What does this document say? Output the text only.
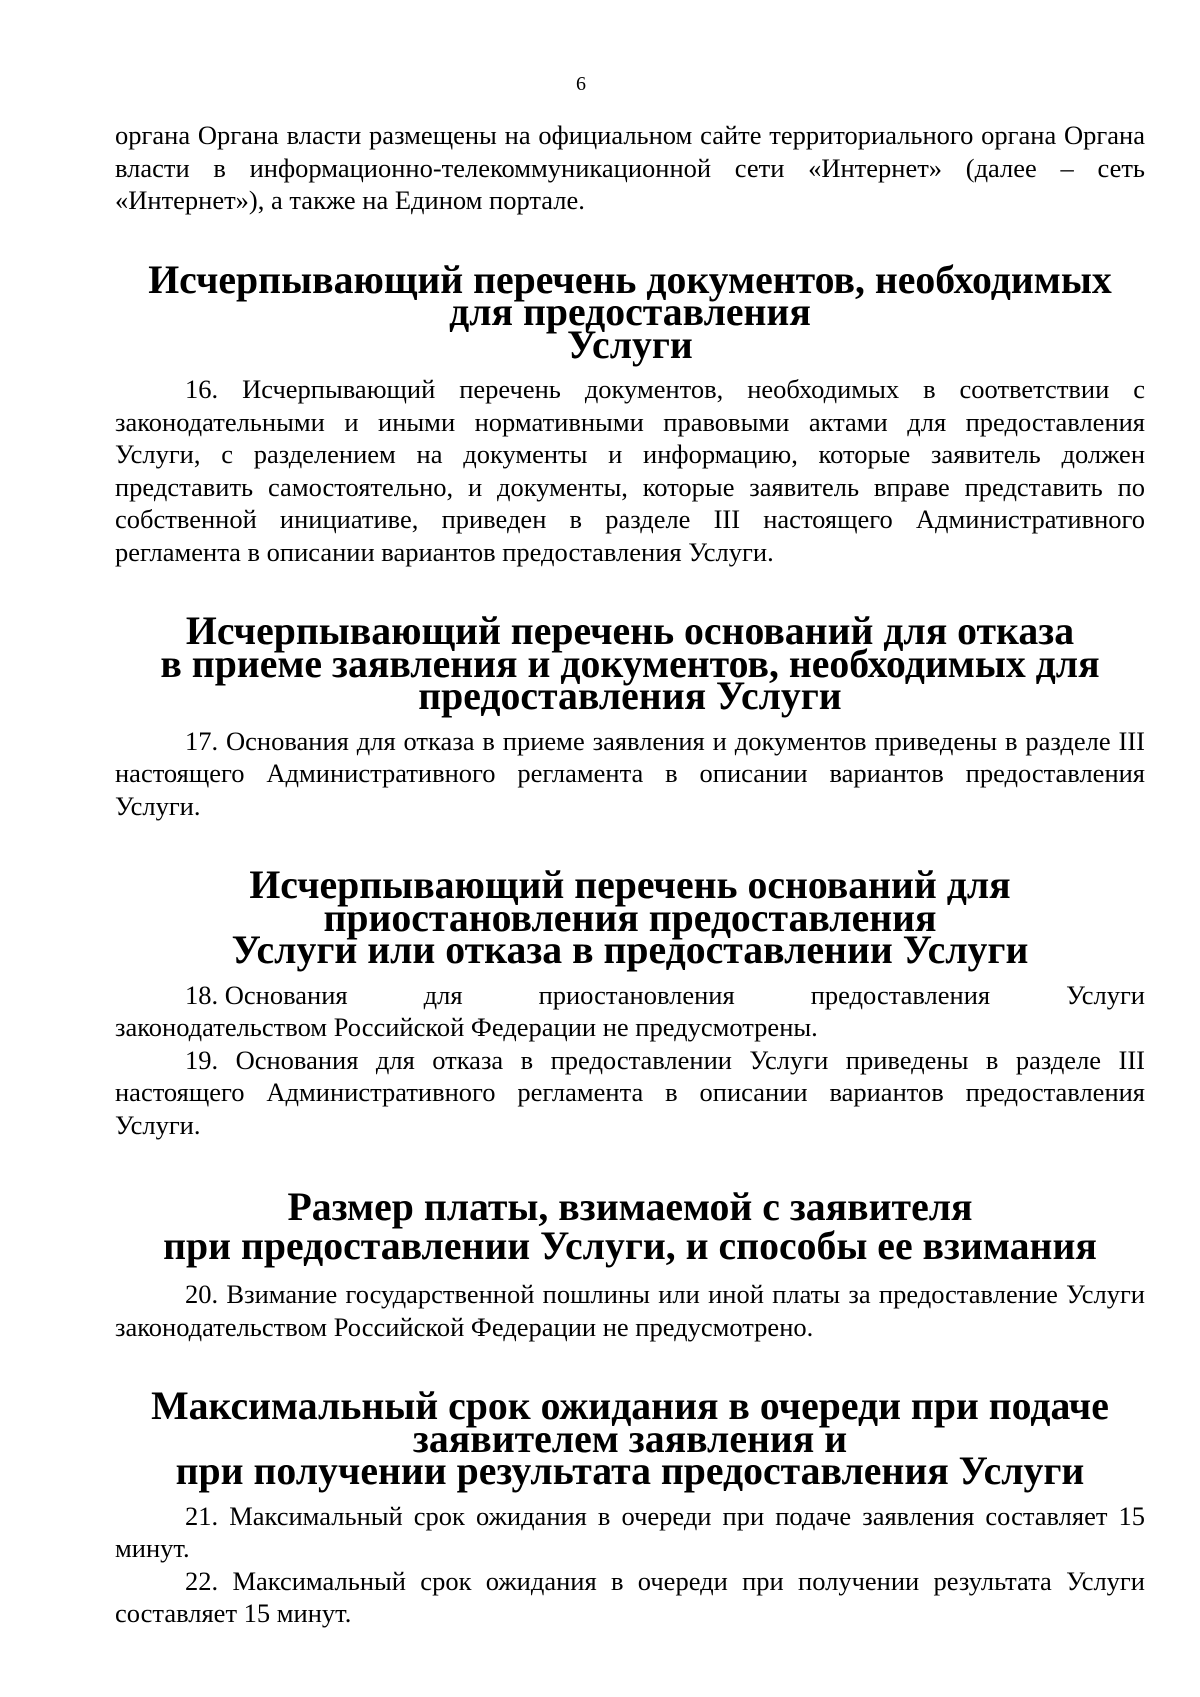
6

органа Органа власти размещены на официальном сайте территориального органа Органа власти в информационно-телекоммуникационной сети «Интернет» (далее – сеть «Интернет»), а также на Едином портале.

Исчерпывающий перечень документов, необходимых для предоставления
Услуги

16. Исчерпывающий перечень документов, необходимых в соответствии с законодательными и иными нормативными правовыми актами для предоставления Услуги, с разделением на документы и информацию, которые заявитель должен представить самостоятельно, и документы, которые заявитель вправе представить по собственной инициативе, приведен в разделе III настоящего Административного регламента в описании вариантов предоставления Услуги.

Исчерпывающий перечень оснований для отказа
в приеме заявления и документов, необходимых для предоставления Услуги

17. Основания для отказа в приеме заявления и документов приведены в разделе III настоящего Административного регламента в описании вариантов предоставления Услуги.

Исчерпывающий перечень оснований для приостановления предоставления
Услуги или отказа в предоставлении Услуги
18. Основания	для	приостановления	предоставления	Услуги
законодательством Российской Федерации не предусмотрены.

19. Основания для отказа в предоставлении Услуги приведены в разделе III настоящего Административного регламента в описании вариантов предоставления Услуги.

Размер платы, взимаемой с заявителя
при предоставлении Услуги, и способы ее взимания

20. Взимание государственной пошлины или иной платы за предоставление Услуги законодательством Российской Федерации не предусмотрено.

Максимальный срок ожидания в очереди при подаче заявителем заявления и
при получении результата предоставления Услуги

21. Максимальный срок ожидания в очереди при подаче заявления составляет 15 минут.

22. Максимальный срок ожидания в очереди при получении результата Услуги составляет 15 минут.
